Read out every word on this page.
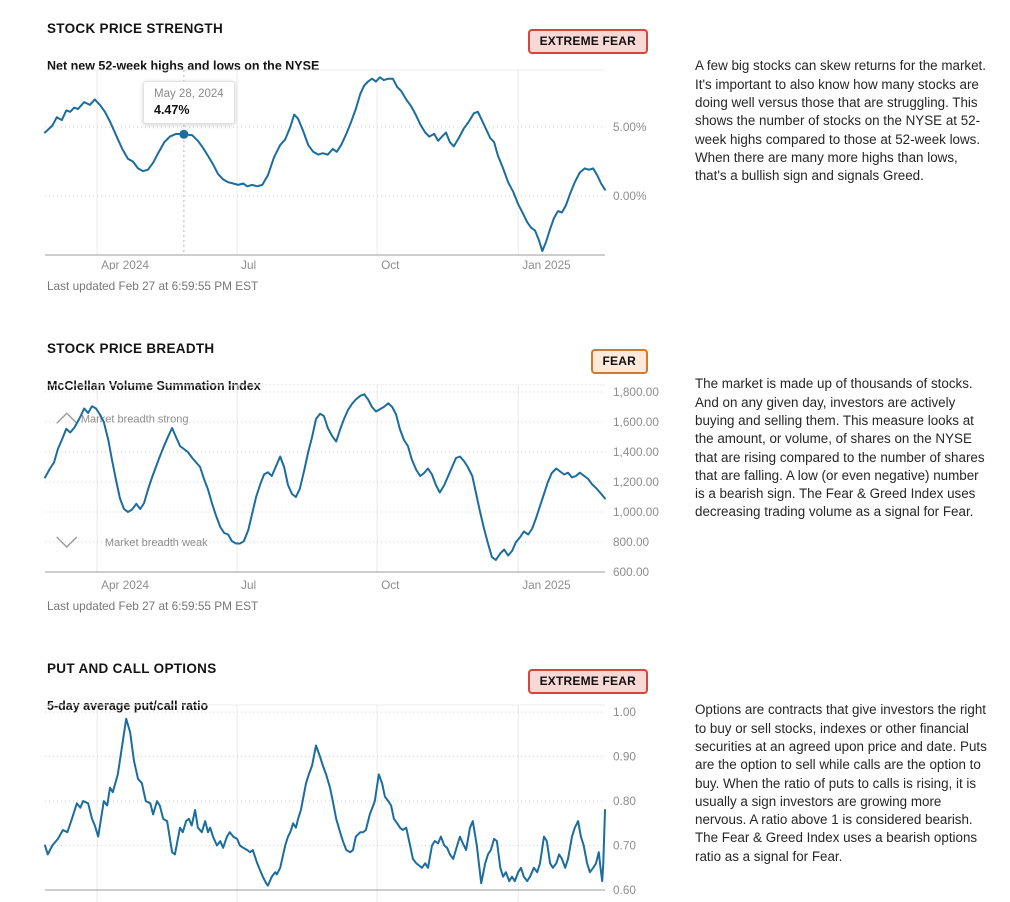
STOCK PRICE STRENGTH
EXTREME FEAR
Net new 52-week highs and lows on the NYSE
May 28, 2024
4.47%
Apr 2024	Jul	Oct	Jan 2025
5.00%
0.00%
Last updated Feb 27 at 6:59:55 PM EST

A few big stocks can skew returns for the market. It's important to also know how many stocks are doing well versus those that are struggling. This shows the number of stocks on the NYSE at 52-week highs compared to those at 52-week lows. When there are many more highs than lows, that's a bullish sign and signals Greed.

STOCK PRICE BREADTH
FEAR
McClellan Volume Summation Index
Apr 2024	Jul	Oct	Jan 2025
1,800.00
1,600.00
1,400.00
1,200.00
1,000.00
800.00
600.00
Market breadth strong
Market breadth weak
Last updated Feb 27 at 6:59:55 PM EST

The market is made up of thousands of stocks. And on any given day, investors are actively buying and selling them. This measure looks at the amount, or volume, of shares on the NYSE that are rising compared to the number of shares that are falling. A low (or even negative) number is a bearish sign. The Fear & Greed Index uses decreasing trading volume as a signal for Fear.

PUT AND CALL OPTIONS
EXTREME FEAR
5-day average put/call ratio	1.00
0.90
0.80
0.70
0.60

Options are contracts that give investors the right to buy or sell stocks, indexes or other financial securities at an agreed upon price and date. Puts are the option to sell while calls are the option to buy. When the ratio of puts to calls is rising, it is usually a sign investors are growing more nervous. A ratio above 1 is considered bearish. The Fear & Greed Index uses a bearish options ratio as a signal for Fear.
